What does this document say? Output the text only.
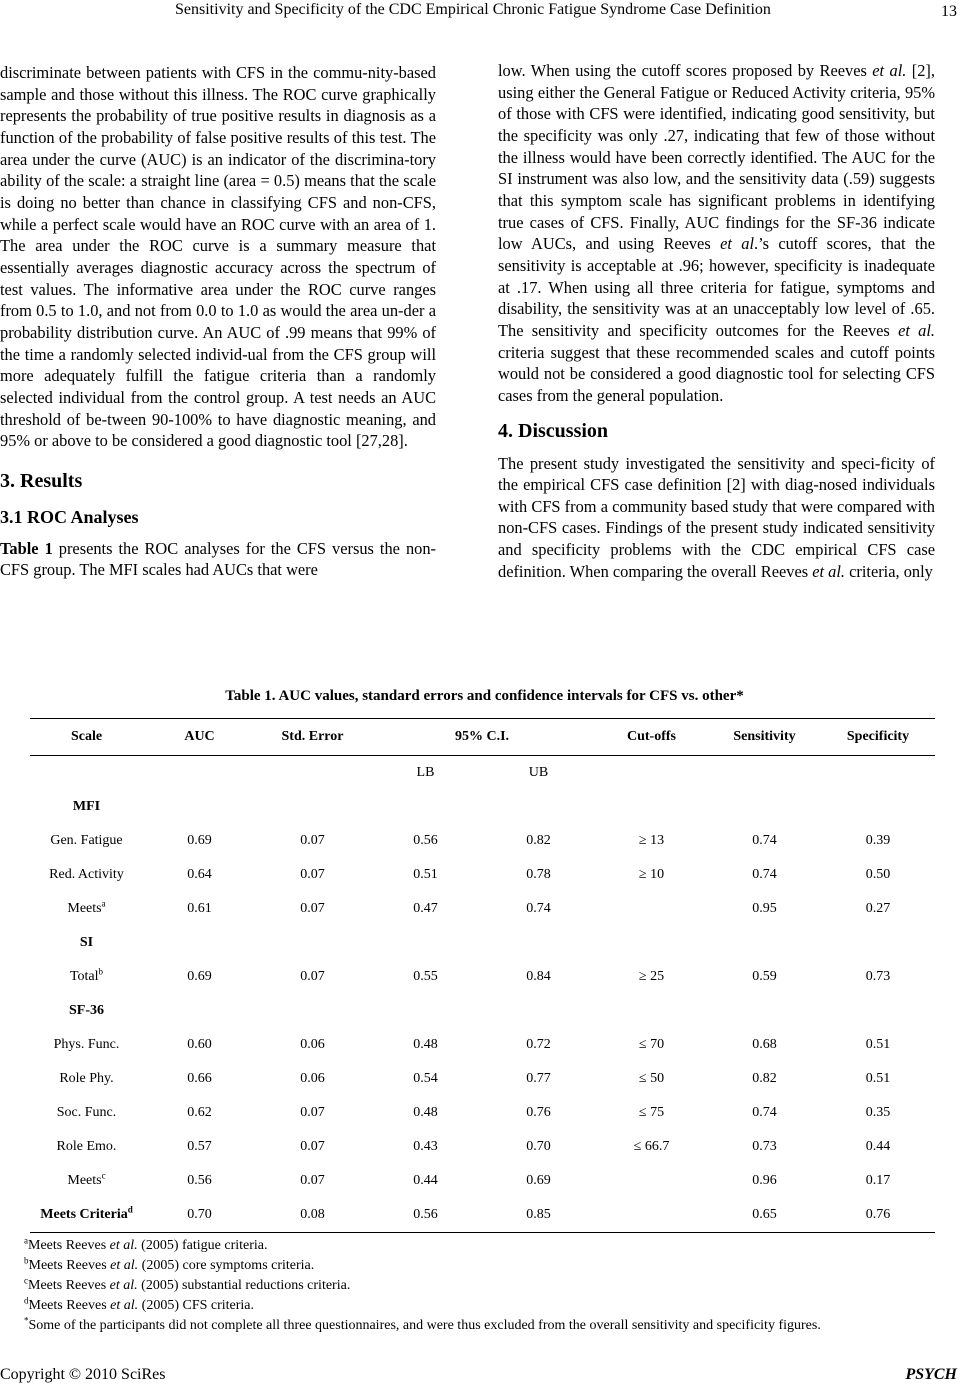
Sensitivity and Specificity of the CDC Empirical Chronic Fatigue Syndrome Case Definition	13

discriminate between patients with CFS in the commu-nity-based sample and those without this illness. The ROC curve graphically represents the probability of true positive results in diagnosis as a function of the probability of false positive results of this test. The area under the curve (AUC) is an indicator of the discrimina-tory ability of the scale: a straight line (area = 0.5) means that the scale is doing no better than chance in classifying CFS and non-CFS, while a perfect scale would have an ROC curve with an area of 1. The area under the ROC curve is a summary measure that essentially averages diagnostic accuracy across the spectrum of test values. The informative area under the ROC curve ranges from 0.5 to 1.0, and not from 0.0 to 1.0 as would the area un-der a probability distribution curve. An AUC of .99 means that 99% of the time a randomly selected individ-ual from the CFS group will more adequately fulfill the fatigue criteria than a randomly selected individual from the control group. A test needs an AUC threshold of be-tween 90-100% to have diagnostic meaning, and 95% or above to be considered a good diagnostic tool [27,28].

3. Results
3.1 ROC Analyses

Table 1 presents the ROC analyses for the CFS versus the non-CFS group. The MFI scales had AUCs that were

low. When using the cutoff scores proposed by Reeves et al. [2], using either the General Fatigue or Reduced Activity criteria, 95% of those with CFS were identified, indicating good sensitivity, but the specificity was only .27, indicating that few of those without the illness would have been correctly identified. The AUC for the SI instrument was also low, and the sensitivity data (.59) suggests that this symptom scale has significant problems in identifying true cases of CFS. Finally, AUC findings for the SF-36 indicate low AUCs, and using Reeves et al.’s cutoff scores, that the sensitivity is acceptable at .96; however, specificity is inadequate at .17. When using all three criteria for fatigue, symptoms and disability, the sensitivity was at an unacceptably low level of .65. The sensitivity and specificity outcomes for the Reeves et al. criteria suggest that these recommended scales and cutoff points would not be considered a good diagnostic tool for selecting CFS cases from the general population.

4. Discussion

The present study investigated the sensitivity and speci-ficity of the empirical CFS case definition [2] with diag-nosed individuals with CFS from a community based study that were compared with non-CFS cases. Findings of the present study indicated sensitivity and specificity problems with the CDC empirical CFS case definition. When comparing the overall Reeves et al. criteria, only

Table 1. AUC values, standard errors and confidence intervals for CFS vs. other*
Scale	AUC	Std. Error	95% C.I.		Cut-offs	Sensitivity	Specificity
			LB	UB			
MFI							
Gen. Fatigue	0.69	0.07	0.56	0.82	≥ 13	0.74	0.39
Red. Activity	0.64	0.07	0.51	0.78	≥ 10	0.74	0.50
Meets$^a$	0.61	0.07	0.47	0.74		0.95	0.27
SI							
Total$^b$	0.69	0.07	0.55	0.84	≥ 25	0.59	0.73
SF-36							
Phys. Func.	0.60	0.06	0.48	0.72	≤ 70	0.68	0.51
Role Phy.	0.66	0.06	0.54	0.77	≤ 50	0.82	0.51
Soc. Func.	0.62	0.07	0.48	0.76	≤ 75	0.74	0.35
Role Emo.	0.57	0.07	0.43	0.70	≤ 66.7	0.73	0.44
Meets$^c$	0.56	0.07	0.44	0.69		0.96	0.17
Meets Criteria$^d$	0.70	0.08	0.56	0.85		0.65	0.76
$^a$Meets Reeves et al. (2005) fatigue criteria.
$^b$Meets Reeves et al. (2005) core symptoms criteria.
$^c$Meets Reeves et al. (2005) substantial reductions criteria.
$^d$Meets Reeves et al. (2005) CFS criteria.
*Some of the participants did not complete all three questionnaires, and were thus excluded from the overall sensitivity and specificity figures.
Copyright © 2010 SciRes	PSYCH
